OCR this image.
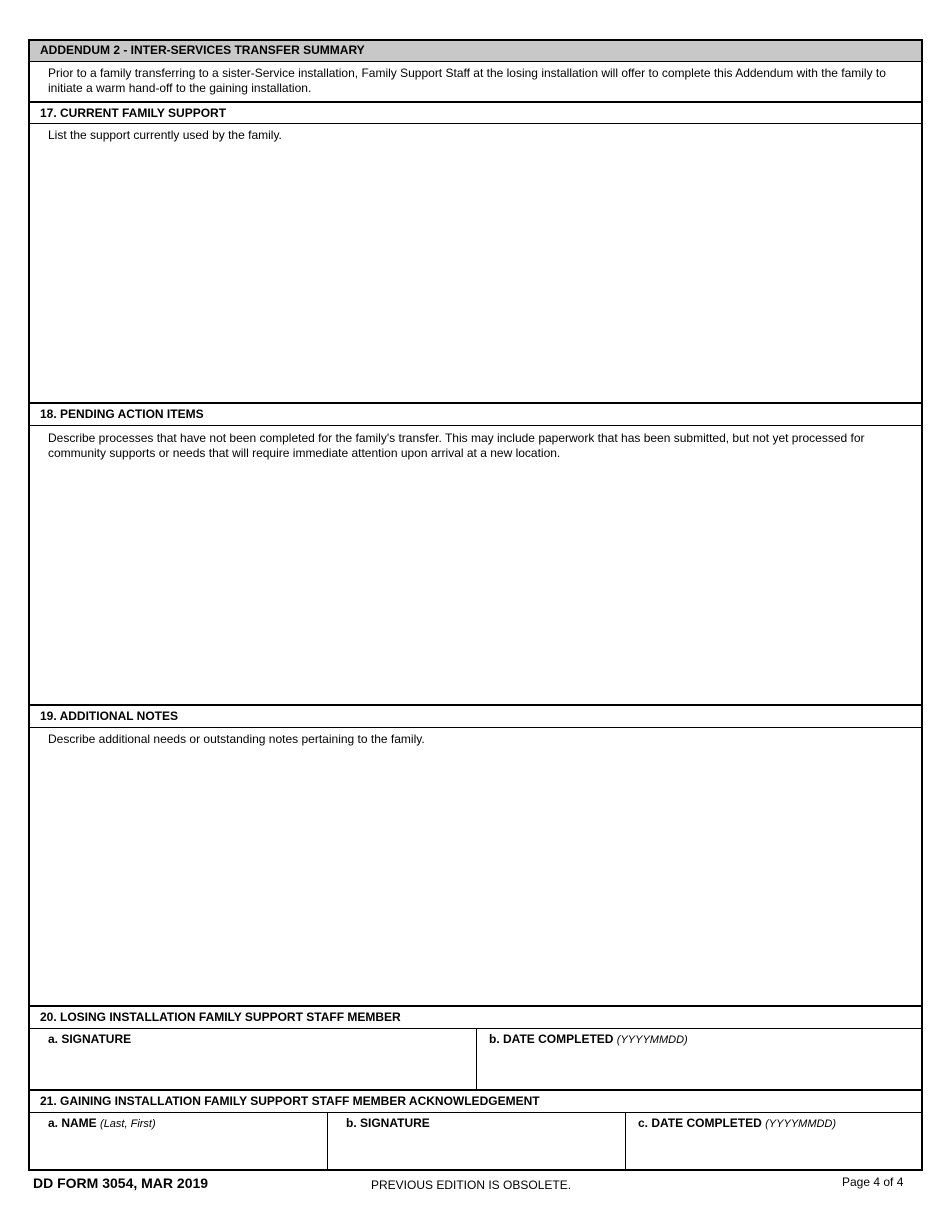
ADDENDUM 2 - INTER-SERVICES TRANSFER SUMMARY
Prior to a family transferring to a sister-Service installation, Family Support Staff at the losing installation will offer to complete this Addendum with the family to initiate a warm hand-off to the gaining installation.
17. CURRENT FAMILY SUPPORT
List the support currently used by the family.
18. PENDING ACTION ITEMS
Describe processes that have not been completed for the family's transfer. This may include paperwork that has been submitted, but not yet processed for community supports or needs that will require immediate attention upon arrival at a new location.
19. ADDITIONAL NOTES
Describe additional needs or outstanding notes pertaining to the family.
20. LOSING INSTALLATION FAMILY SUPPORT STAFF MEMBER
a. SIGNATURE	b. DATE COMPLETED (YYYYMMDD)
21. GAINING INSTALLATION FAMILY SUPPORT STAFF MEMBER ACKNOWLEDGEMENT
a. NAME (Last, First)	b. SIGNATURE	c. DATE COMPLETED (YYYYMMDD)
DD FORM 3054, MAR 2019	PREVIOUS EDITION IS OBSOLETE.	Page 4 of 4
